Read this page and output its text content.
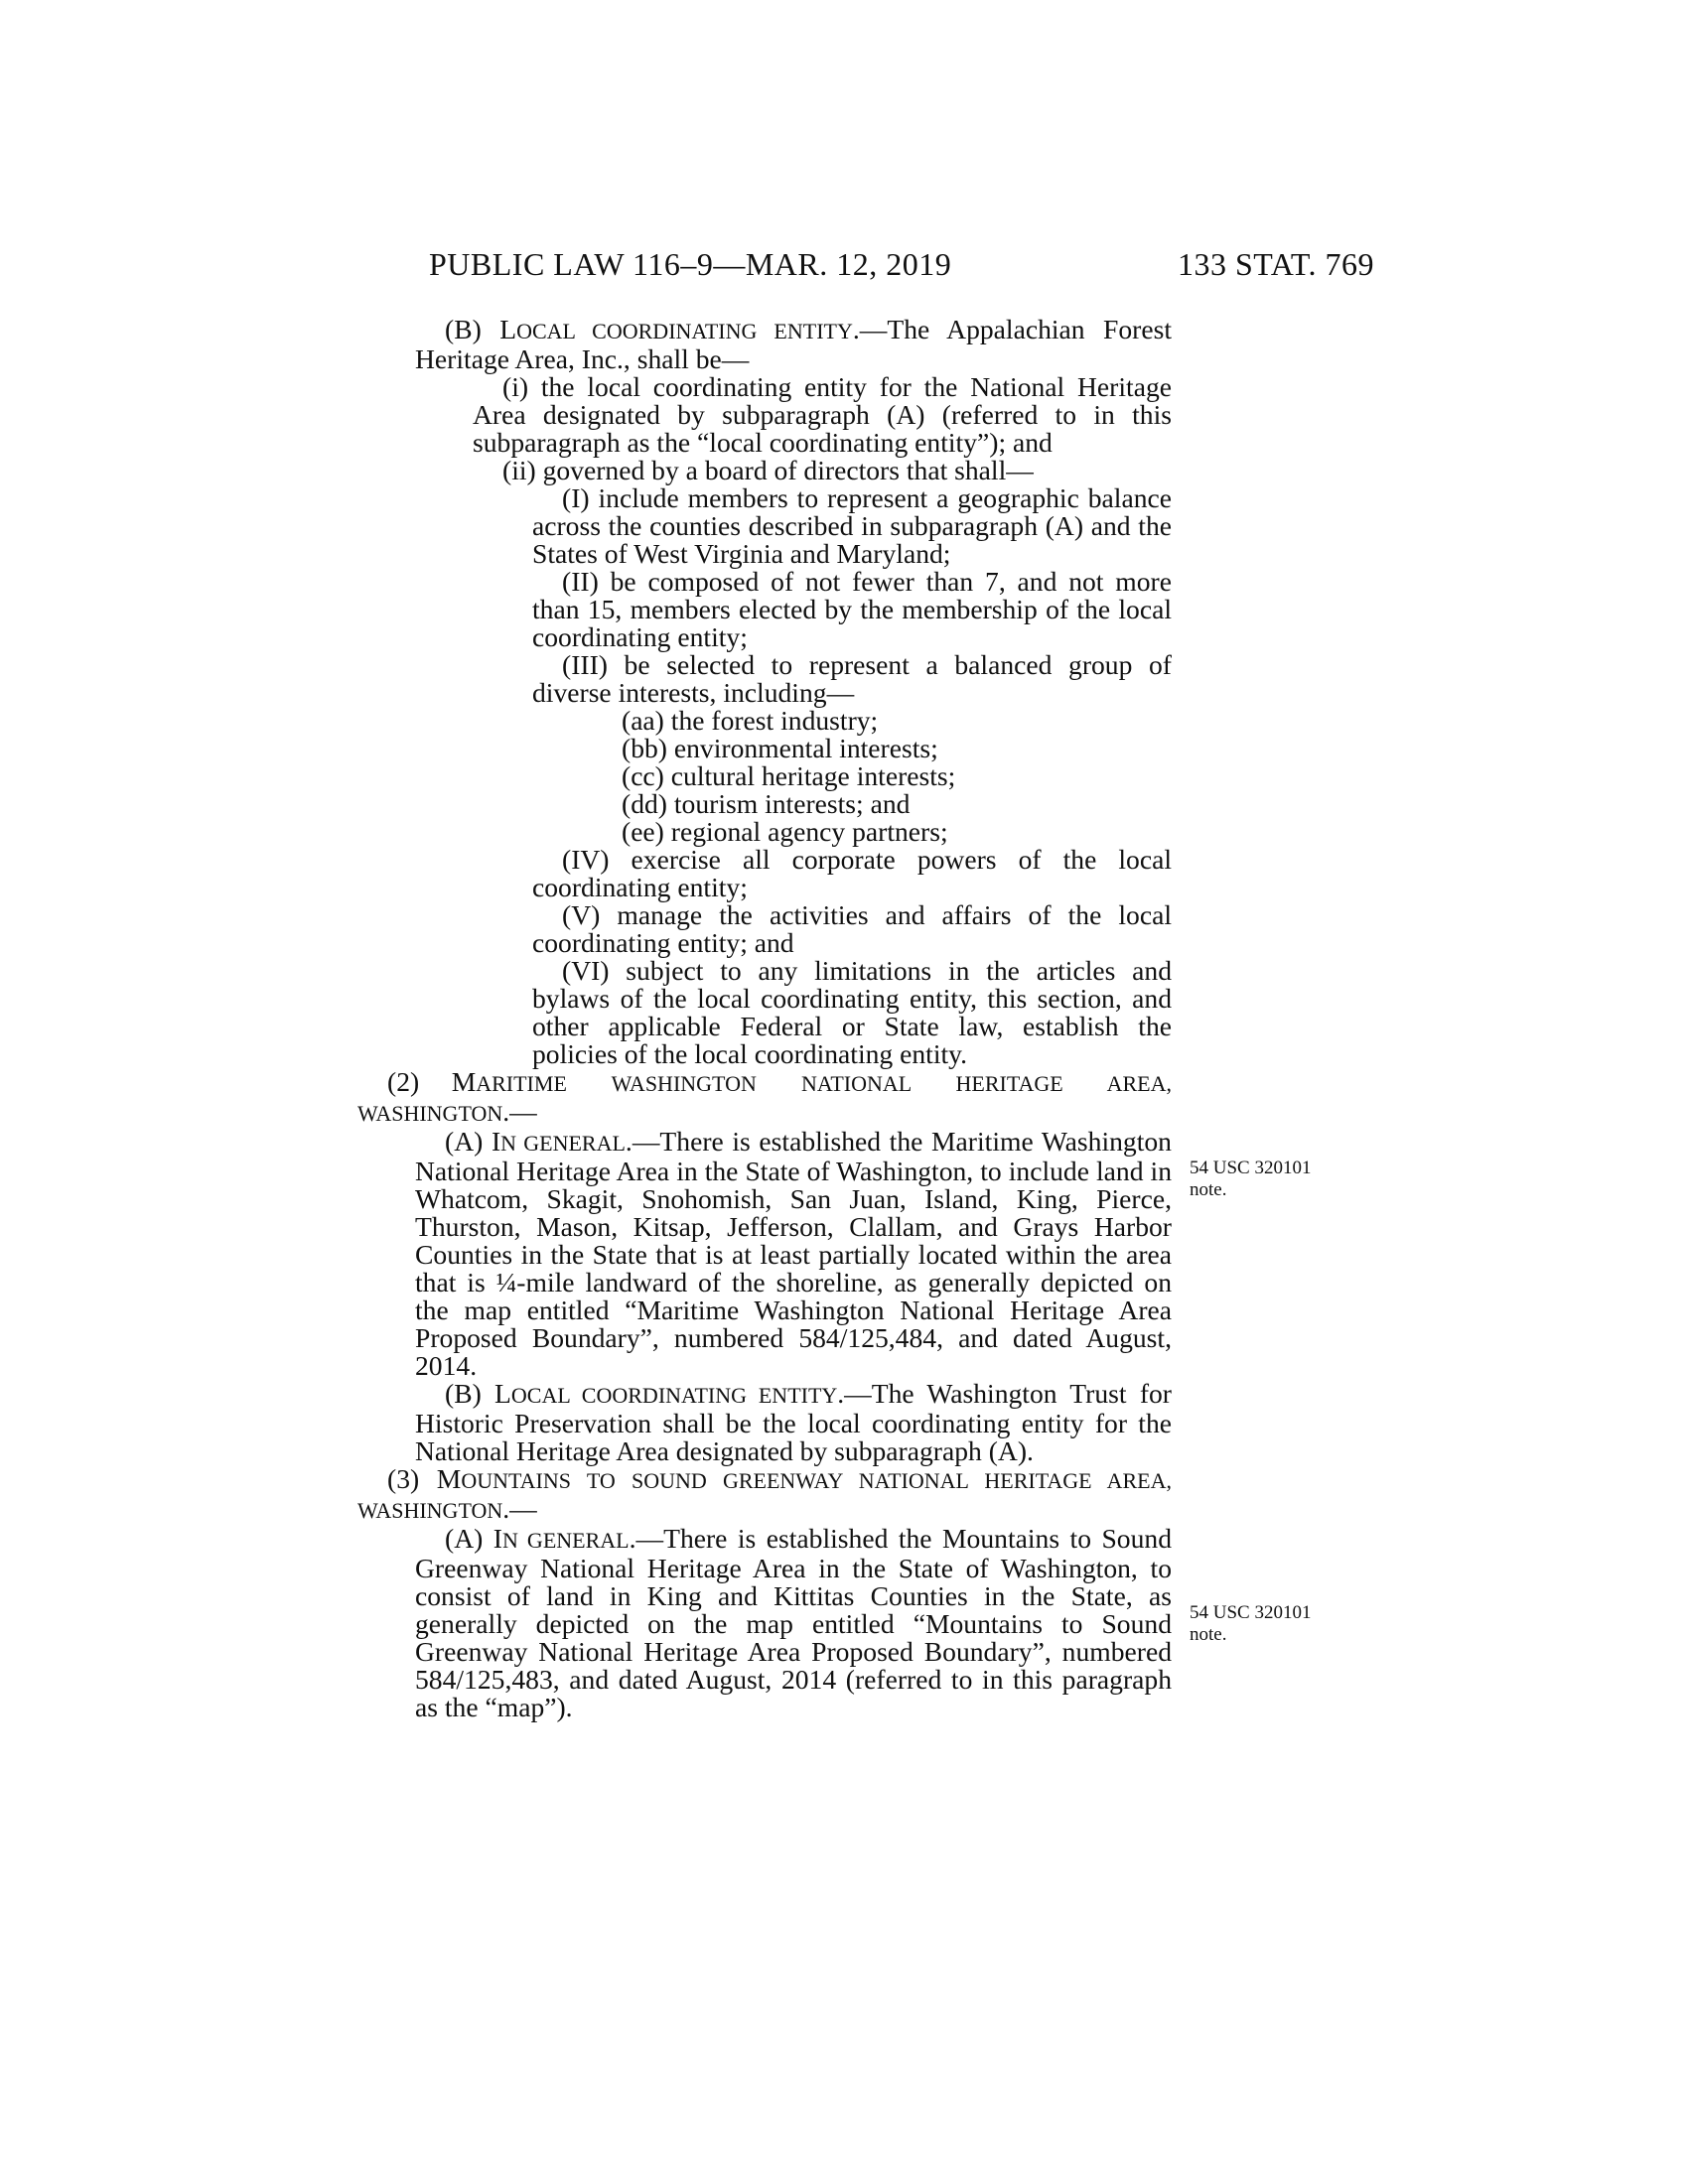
PUBLIC LAW 116–9—MAR. 12, 2019	133 STAT. 769

(B) LOCAL COORDINATING ENTITY.—The Appalachian Forest Heritage Area, Inc., shall be—

(i) the local coordinating entity for the National Heritage Area designated by subparagraph (A) (referred to in this subparagraph as the “local coordinating entity”); and

(ii) governed by a board of directors that shall—

(I) include members to represent a geographic balance across the counties described in subparagraph (A) and the States of West Virginia and Maryland;

(II) be composed of not fewer than 7, and not more than 15, members elected by the membership of the local coordinating entity;

(III) be selected to represent a balanced group of diverse interests, including—

(aa) the forest industry;

(bb) environmental interests;

(cc) cultural heritage interests;

(dd) tourism interests; and

(ee) regional agency partners;

(IV) exercise all corporate powers of the local coordinating entity;

(V) manage the activities and affairs of the local coordinating entity; and

(VI) subject to any limitations in the articles and bylaws of the local coordinating entity, this section, and other applicable Federal or State law, establish the policies of the local coordinating entity.

(2) MARITIME WASHINGTON NATIONAL HERITAGE AREA, WASHINGTON.—

(A) IN GENERAL.—There is established the Maritime Washington National Heritage Area in the State of Washington, to include land in Whatcom, Skagit, Snohomish, San Juan, Island, King, Pierce, Thurston, Mason, Kitsap, Jefferson, Clallam, and Grays Harbor Counties in the State that is at least partially located within the area that is ¼-mile landward of the shoreline, as generally depicted on the map entitled “Maritime Washington National Heritage Area Proposed Boundary”, numbered 584/125,484, and dated August, 2014.

(B) LOCAL COORDINATING ENTITY.—The Washington Trust for Historic Preservation shall be the local coordinating entity for the National Heritage Area designated by subparagraph (A).

(3) MOUNTAINS TO SOUND GREENWAY NATIONAL HERITAGE AREA, WASHINGTON.—

(A) IN GENERAL.—There is established the Mountains to Sound Greenway National Heritage Area in the State of Washington, to consist of land in King and Kittitas Counties in the State, as generally depicted on the map entitled “Mountains to Sound Greenway National Heritage Area Proposed Boundary”, numbered 584/125,483, and dated August, 2014 (referred to in this paragraph as the “map”).

54 USC 320101
note.
54 USC 320101
note.
